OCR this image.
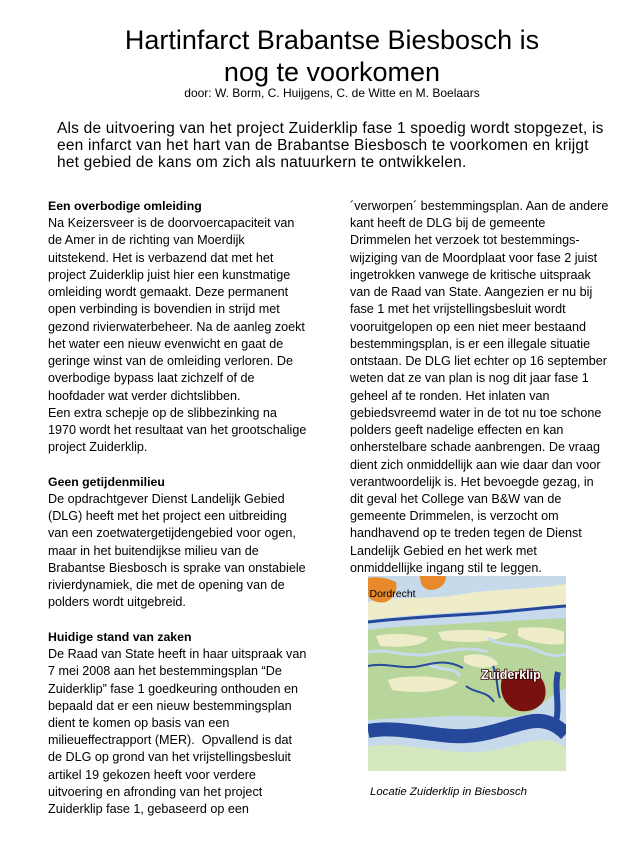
Hartinfarct Brabantse Biesbosch is
nog te voorkomen
door: W. Borm, C. Huijgens, C. de Witte en M. Boelaars
Als de uitvoering van het project Zuiderklip fase 1 spoedig wordt stopgezet, is
een infarct van het hart van de Brabantse Biesbosch te voorkomen en krijgt
het gebied de kans om zich als natuurkern te ontwikkelen.
Een overbodige omleiding
Na Keizersveer is de doorvoercapaciteit van
de Amer in de richting van Moerdijk
uitstekend. Het is verbazend dat met het
project Zuiderklip juist hier een kunstmatige
omleiding wordt gemaakt. Deze permanent
open verbinding is bovendien in strijd met
gezond rivierwaterbeheer. Na de aanleg zoekt
het water een nieuw evenwicht en gaat de
geringe winst van de omleiding verloren. De
overbodige bypass laat zichzelf of de
hoofdader wat verder dichtslibben.
Een extra schepje op de slibbezinking na
1970 wordt het resultaat van het grootschalige
project Zuiderklip.
Geen getijdenmilieu
De opdrachtgever Dienst Landelijk Gebied
(DLG) heeft met het project een uitbreiding
van een zoetwatergetijdengebied voor ogen,
maar in het buitendijkse milieu van de
Brabantse Biesbosch is sprake van onstabiele
rivierdynamiek, die met de opening van de
polders wordt uitgebreid.
Huidige stand van zaken
De Raad van State heeft in haar uitspraak van
7 mei 2008 aan het bestemmingsplan “De
Zuiderklip” fase 1 goedkeuring onthouden en
bepaald dat er een nieuw bestemmingsplan
dient te komen op basis van een
milieueffectrapport (MER).  Opvallend is dat
de DLG op grond van het vrijstellingsbesluit
artikel 19 gekozen heeft voor verdere
uitvoering en afronding van het project
Zuiderklip fase 1, gebaseerd op een
´verworpen´ bestemmingsplan. Aan de andere
kant heeft de DLG bij de gemeente
Drimmelen het verzoek tot bestemmings-
wijziging van de Moordplaat voor fase 2 juist
ingetrokken vanwege de kritische uitspraak
van de Raad van State. Aangezien er nu bij
fase 1 met het vrijstellingsbesluit wordt
vooruitgelopen op een niet meer bestaand
bestemmingsplan, is er een illegale situatie
ontstaan. De DLG liet echter op 16 september
weten dat ze van plan is nog dit jaar fase 1
geheel af te ronden. Het inlaten van
gebiedsvreemd water in de tot nu toe schone
polders geeft nadelige effecten en kan
onherstelbare schade aanbrengen. De vraag
dient zich onmiddellijk aan wie daar dan voor
verantwoordelijk is. Het bevoegde gezag, in
dit geval het College van B&W van de
gemeente Drimmelen, is verzocht om
handhavend op te treden tegen de Dienst
Landelijk Gebied en het werk met
onmiddellijke ingang stil te leggen.
Dordrecht
Zuiderklip
Locatie Zuiderklip in Biesbosch
